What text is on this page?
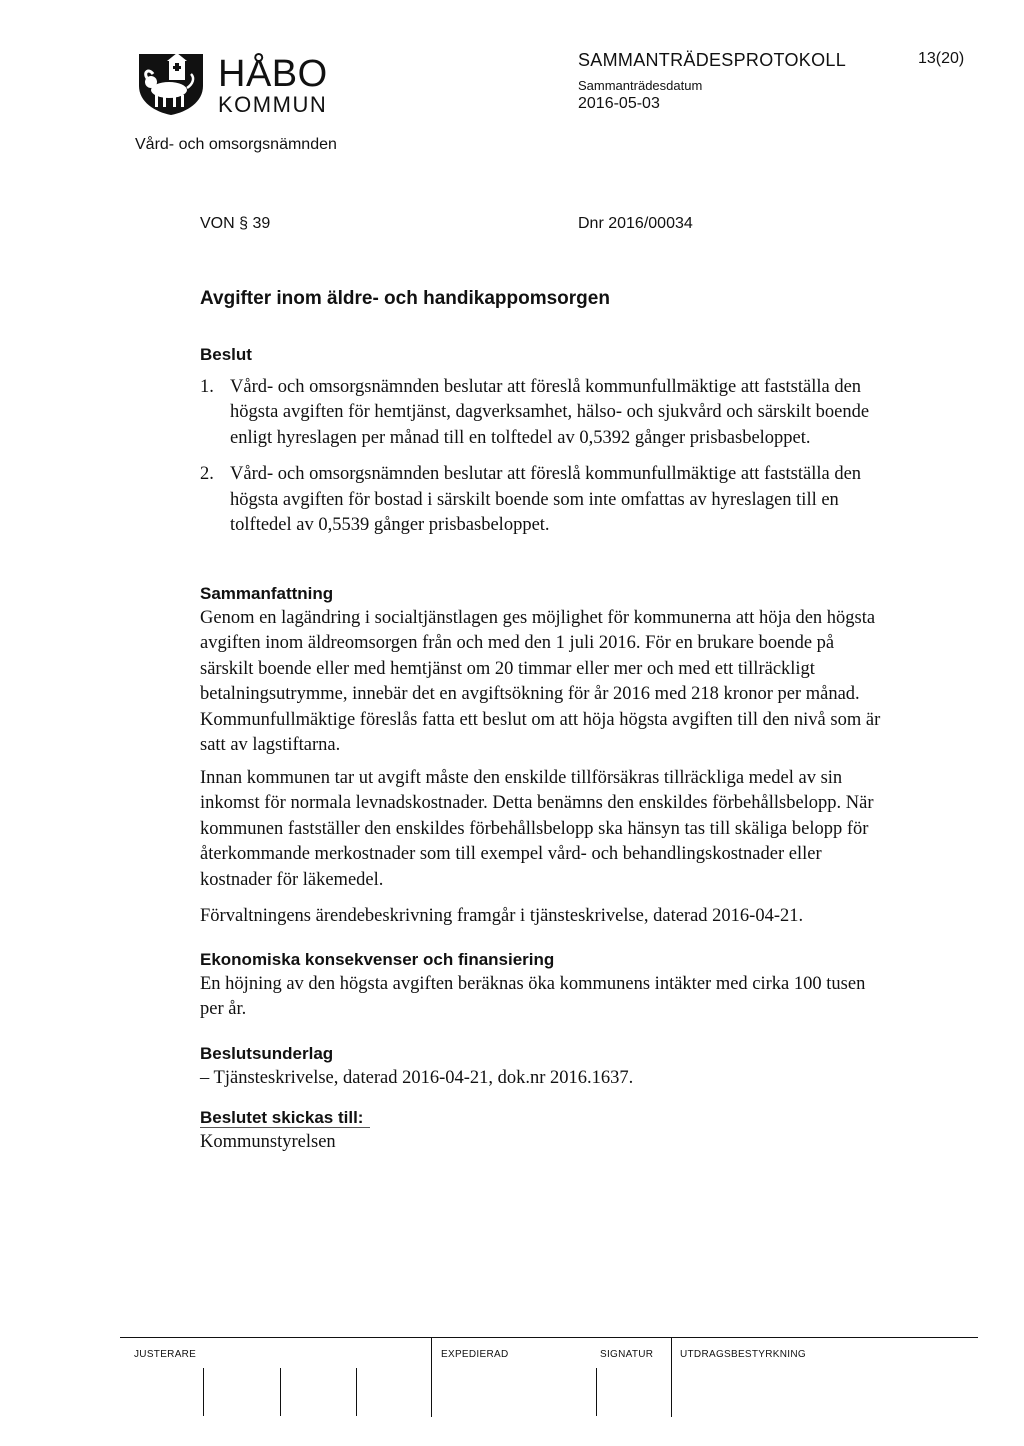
HÅBO
KOMMUN
Vård- och omsorgsnämnden
SAMMANTRÄDESPROTOKOLL
Sammanträdesdatum
2016-05-03
13(20)
VON § 39	Dnr 2016/00034
Avgifter inom äldre- och handikappomsorgen
Beslut
1. Vård- och omsorgsnämnden beslutar att föreslå kommunfullmäktige att fastställa den högsta avgiften för hemtjänst, dagverksamhet, hälso- och sjukvård och särskilt boende enligt hyreslagen per månad till en tolftedel av 0,5392 gånger prisbasbeloppet.
2. Vård- och omsorgsnämnden beslutar att föreslå kommunfullmäktige att fastställa den högsta avgiften för bostad i särskilt boende som inte omfattas av hyreslagen till en tolftedel av 0,5539 gånger prisbasbeloppet.
Sammanfattning

Genom en lagändring i socialtjänstlagen ges möjlighet för kommunerna att höja den högsta avgiften inom äldreomsorgen från och med den 1 juli 2016. För en brukare boende på särskilt boende eller med hemtjänst om 20 timmar eller mer och med ett tillräckligt betalningsutrymme, innebär det en avgiftsökning för år 2016 med 218 kronor per månad. Kommunfullmäktige föreslås fatta ett beslut om att höja högsta avgiften till den nivå som är satt av lagstiftarna.

Innan kommunen tar ut avgift måste den enskilde tillförsäkras tillräckliga medel av sin inkomst för normala levnadskostnader. Detta benämns den enskildes förbehållsbelopp. När kommunen fastställer den enskildes förbehållsbelopp ska hänsyn tas till skäliga belopp för återkommande merkostnader som till exempel vård- och behandlingskostnader eller kostnader för läkemedel.

Förvaltningens ärendebeskrivning framgår i tjänsteskrivelse, daterad 2016-04-21.

Ekonomiska konsekvenser och finansiering

En höjning av den högsta avgiften beräknas öka kommunens intäkter med cirka 100 tusen per år.

Beslutsunderlag

– Tjänsteskrivelse, daterad 2016-04-21, dok.nr 2016.1637.

Beslutet skickas till:

Kommunstyrelsen

JUSTERARE	EXPEDIERAD	SIGNATUR	UTDRAGSBESTYRKNING
